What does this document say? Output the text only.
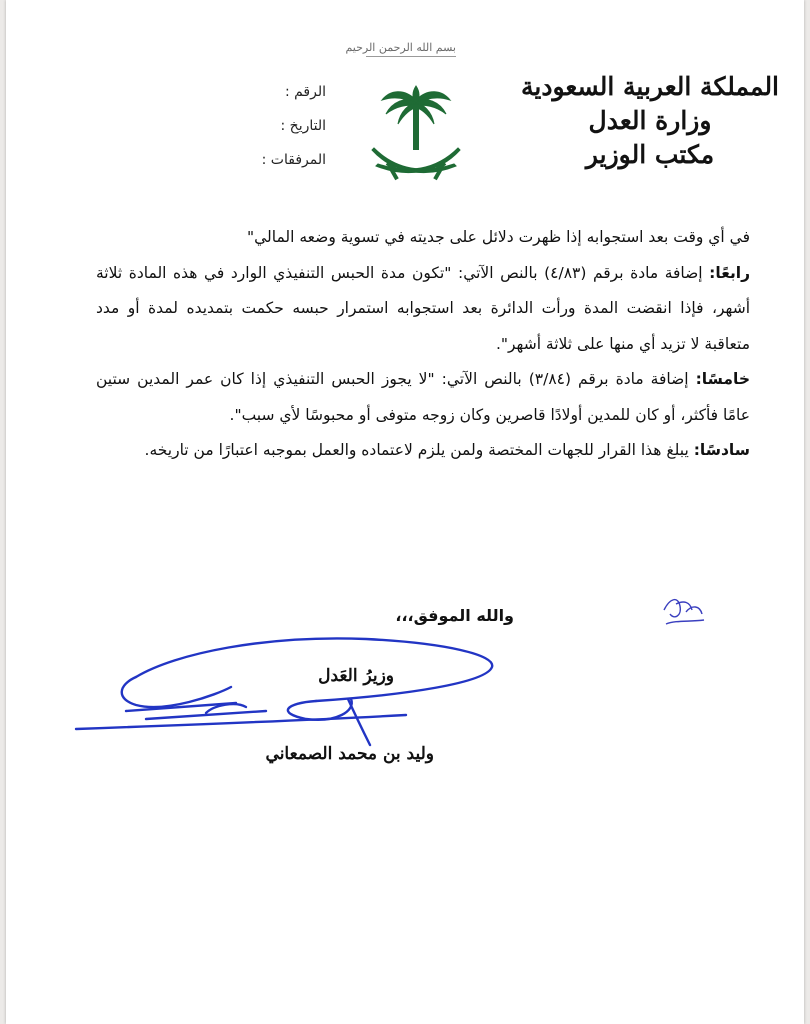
بسم الله الرحمن الرحيم
المملكة العربية السعودية
وزارة العدل
مكتب الوزير
الرقم :
التاريخ :
المرفقات :

في أي وقت بعد استجوابه إذا ظهرت دلائل على جديته في تسوية وضعه المالي"

رابعًا: إضافة مادة برقم (٤/٨٣) بالنص الآتي: "تكون مدة الحبس التنفيذي الوارد في هذه المادة ثلاثة أشهر، فإذا انقضت المدة ورأت الدائرة بعد استجوابه استمرار حبسه حكمت بتمديده لمدة أو مدد متعاقبة لا تزيد أي منها على ثلاثة أشهر".

خامسًا: إضافة مادة برقم (٣/٨٤) بالنص الآتي: "لا يجوز الحبس التنفيذي إذا كان عمر المدين ستين عامًا فأكثر، أو كان للمدين أولادًا قاصرين وكان زوجه متوفى أو محبوسًا لأي سبب".

سادسًا: يبلغ هذا القرار للجهات المختصة ولمن يلزم لاعتماده والعمل بموجبه اعتبارًا من تاريخه.

والله الموفق،،،
وزيرُ العَدل
وليد بن محمد الصمعاني
